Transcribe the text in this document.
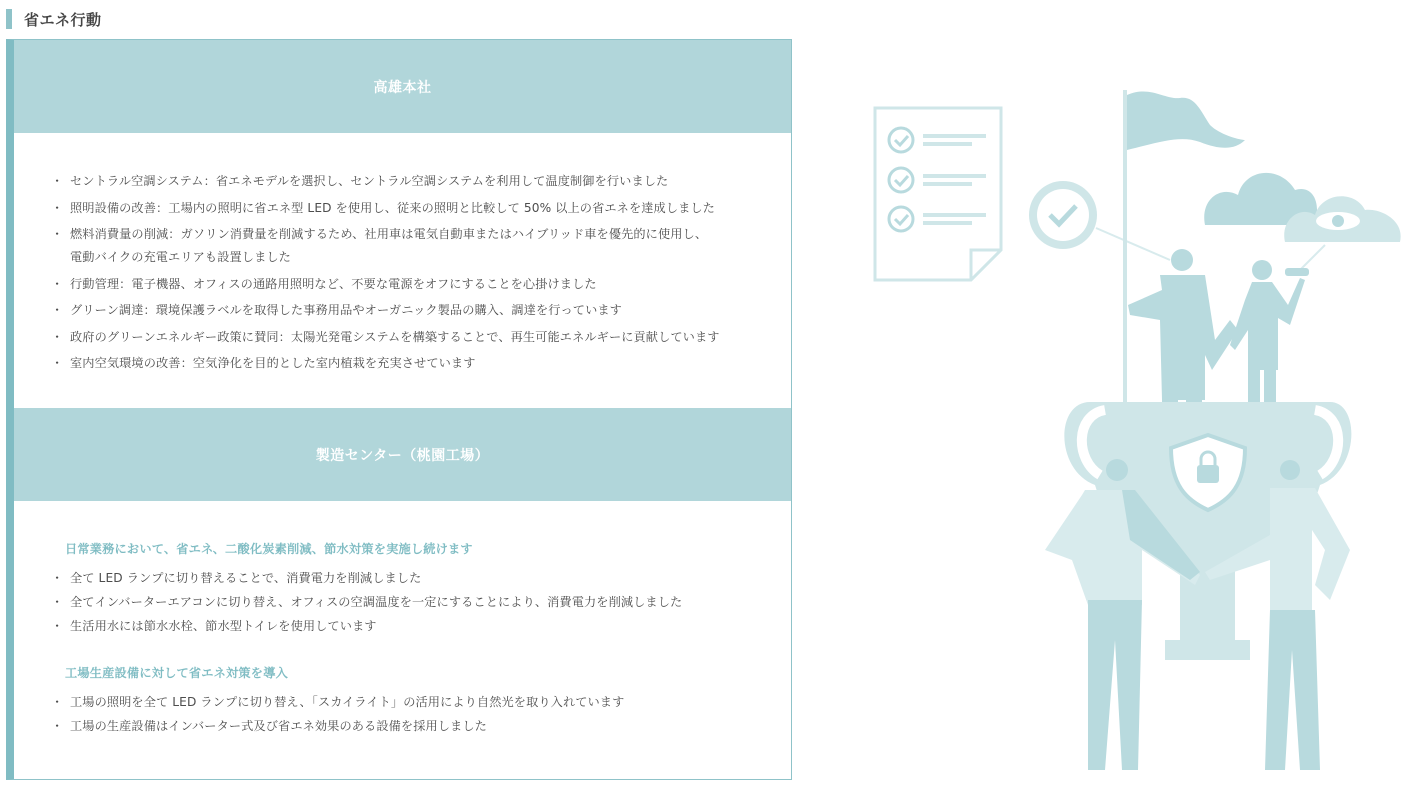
省エネ行動
高雄本社
・ セントラル空調システム：省エネモデルを選択し、セントラル空調システムを利用して温度制御を行いました
・ 照明設備の改善：工場内の照明に省エネ型 LED を使用し、従来の照明と比較して 50% 以上の省エネを達成しました
・ 燃料消費量の削減：ガソリン消費量を削減するため、社用車は電気自動車またはハイブリッド車を優先的に使用し、
電動バイクの充電エリアも設置しました
・ 行動管理：電子機器、オフィスの通路用照明など、不要な電源をオフにすることを心掛けました
・ グリーン調達：環境保護ラベルを取得した事務用品やオーガニック製品の購入、調達を行っています
・ 政府のグリーンエネルギー政策に賛同：太陽光発電システムを構築することで、再生可能エネルギーに貢献しています
・ 室内空気環境の改善：空気浄化を目的とした室内植栽を充実させています
製造センター（桃園工場）
日常業務において、省エネ、二酸化炭素削減、節水対策を実施し続けます
・ 全て LED ランプに切り替えることで、消費電力を削減しました
・ 全てインバーターエアコンに切り替え、オフィスの空調温度を一定にすることにより、消費電力を削減しました
・ 生活用水には節水水栓、節水型トイレを使用しています
工場生産設備に対して省エネ対策を導入
・ 工場の照明を全て LED ランプに切り替え、「スカイライト」の活用により自然光を取り入れています
・ 工場の生産設備はインバーター式及び省エネ効果のある設備を採用しました
